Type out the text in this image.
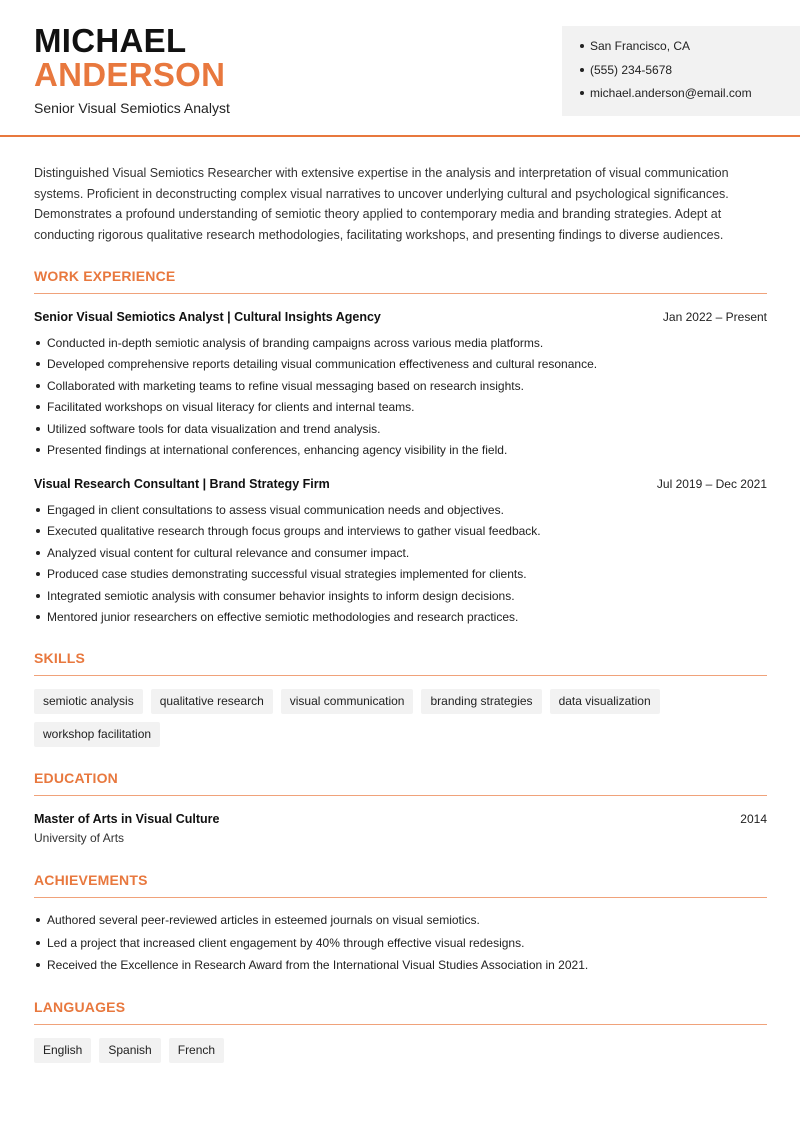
MICHAEL
ANDERSON
Senior Visual Semiotics Analyst
San Francisco, CA
(555) 234-5678
michael.anderson@email.com

Distinguished Visual Semiotics Researcher with extensive expertise in the analysis and interpretation of visual communication systems. Proficient in deconstructing complex visual narratives to uncover underlying cultural and psychological significances. Demonstrates a profound understanding of semiotic theory applied to contemporary media and branding strategies. Adept at conducting rigorous qualitative research methodologies, facilitating workshops, and presenting findings to diverse audiences.

WORK EXPERIENCE
Senior Visual Semiotics Analyst | Cultural Insights Agency	Jan 2022 – Present
Conducted in-depth semiotic analysis of branding campaigns across various media platforms.
Developed comprehensive reports detailing visual communication effectiveness and cultural resonance.
Collaborated with marketing teams to refine visual messaging based on research insights.
Facilitated workshops on visual literacy for clients and internal teams.
Utilized software tools for data visualization and trend analysis.
Presented findings at international conferences, enhancing agency visibility in the field.
Visual Research Consultant | Brand Strategy Firm	Jul 2019 – Dec 2021
Engaged in client consultations to assess visual communication needs and objectives.
Executed qualitative research through focus groups and interviews to gather visual feedback.
Analyzed visual content for cultural relevance and consumer impact.
Produced case studies demonstrating successful visual strategies implemented for clients.
Integrated semiotic analysis with consumer behavior insights to inform design decisions.
Mentored junior researchers on effective semiotic methodologies and research practices.
SKILLS
semiotic analysis	qualitative research	visual communication	branding strategies	data visualization
workshop facilitation
EDUCATION
Master of Arts in Visual Culture	2014
University of Arts
ACHIEVEMENTS
Authored several peer-reviewed articles in esteemed journals on visual semiotics.
Led a project that increased client engagement by 40% through effective visual redesigns.
Received the Excellence in Research Award from the International Visual Studies Association in 2021.
LANGUAGES
English	Spanish	French
